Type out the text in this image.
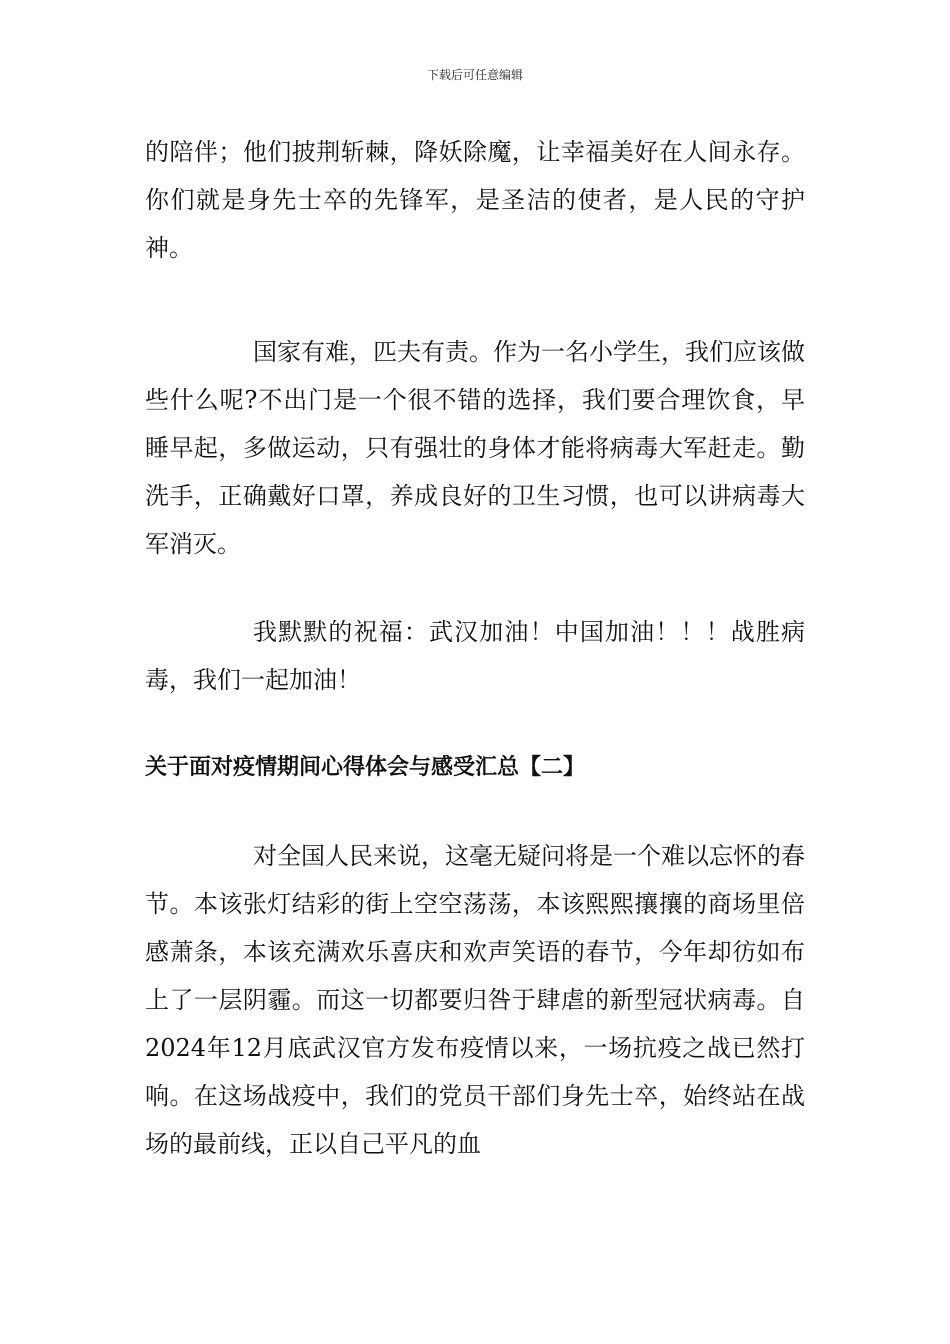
下载后可任意编辑

的陪伴；他们披荆斩棘，降妖除魔，让幸福美好在人间永存。你们就是身先士卒的先锋军，是圣洁的使者，是人民的守护神。

国家有难，匹夫有责。作为一名小学生，我们应该做些什么呢?不出门是一个很不错的选择，我们要合理饮食，早睡早起，多做运动，只有强壮的身体才能将病毒大军赶走。勤洗手，正确戴好口罩，养成良好的卫生习惯，也可以讲病毒大军消灭。

我默默的祝福：武汉加油！中国加油！！！战胜病毒，我们一起加油！

关于面对疫情期间心得体会与感受汇总【二】

对全国人民来说，这毫无疑问将是一个难以忘怀的春节。本该张灯结彩的街上空空荡荡，本该熙熙攘攘的商场里倍感萧条，本该充满欢乐喜庆和欢声笑语的春节，今年却彷如布上了一层阴霾。而这一切都要归咎于肆虐的新型冠状病毒。自2024年12月底武汉官方发布疫情以来，一场抗疫之战已然打响。在这场战疫中，我们的党员干部们身先士卒，始终站在战场的最前线，正以自己平凡的血
